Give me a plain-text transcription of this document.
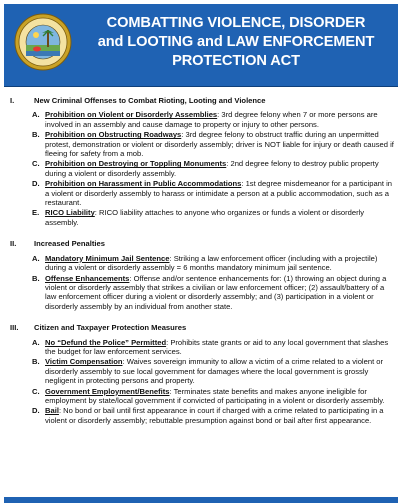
COMBATTING VIOLENCE, DISORDER
and LOOTING and LAW ENFORCEMENT
PROTECTION ACT
I.	New Criminal Offenses to Combat Rioting, Looting and Violence
A. Prohibition on Violent or Disorderly Assemblies: 3rd degree felony when 7 or more persons are involved in an assembly and cause damage to property or injury to other persons.
B. Prohibition on Obstructing Roadways: 3rd degree felony to obstruct traffic during an unpermitted protest, demonstration or violent or disorderly assembly; driver is NOT liable for injury or death caused if fleeing for safety from a mob.
C. Prohibition on Destroying or Toppling Monuments: 2nd degree felony to destroy public property during a violent or disorderly assembly.
D. Prohibition on Harassment in Public Accommodations: 1st degree misdemeanor for a participant in a violent or disorderly assembly to harass or intimidate a person at a public accommodation, such as a restaurant.
E. RICO Liability: RICO liability attaches to anyone who organizes or funds a violent or disorderly assembly.
II. Increased Penalties
A. Mandatory Minimum Jail Sentence: Striking a law enforcement officer (including with a projectile) during a violent or disorderly assembly = 6 months mandatory minimum jail sentence.
B. Offense Enhancements: Offense and/or sentence enhancements for: (1) throwing an object during a violent or disorderly assembly that strikes a civilian or law enforcement officer; (2) assault/battery of a law enforcement officer during a violent or disorderly assembly; and (3) participation in a violent or disorderly assembly by an individual from another state.
III. Citizen and Taxpayer Protection Measures
A. No “Defund the Police” Permitted: Prohibits state grants or aid to any local government that slashes the budget for law enforcement services.
B. Victim Compensation: Waives sovereign immunity to allow a victim of a crime related to a violent or disorderly assembly to sue local government for damages where the local government is grossly negligent in protecting persons and property.
C. Government Employment/Benefits: Terminates state benefits and makes anyone ineligible for employment by state/local government if convicted of participating in a violent or disorderly assembly.
D. Bail: No bond or bail until first appearance in court if charged with a crime related to participating in a violent or disorderly assembly; rebuttable presumption against bond or bail after first appearance.
